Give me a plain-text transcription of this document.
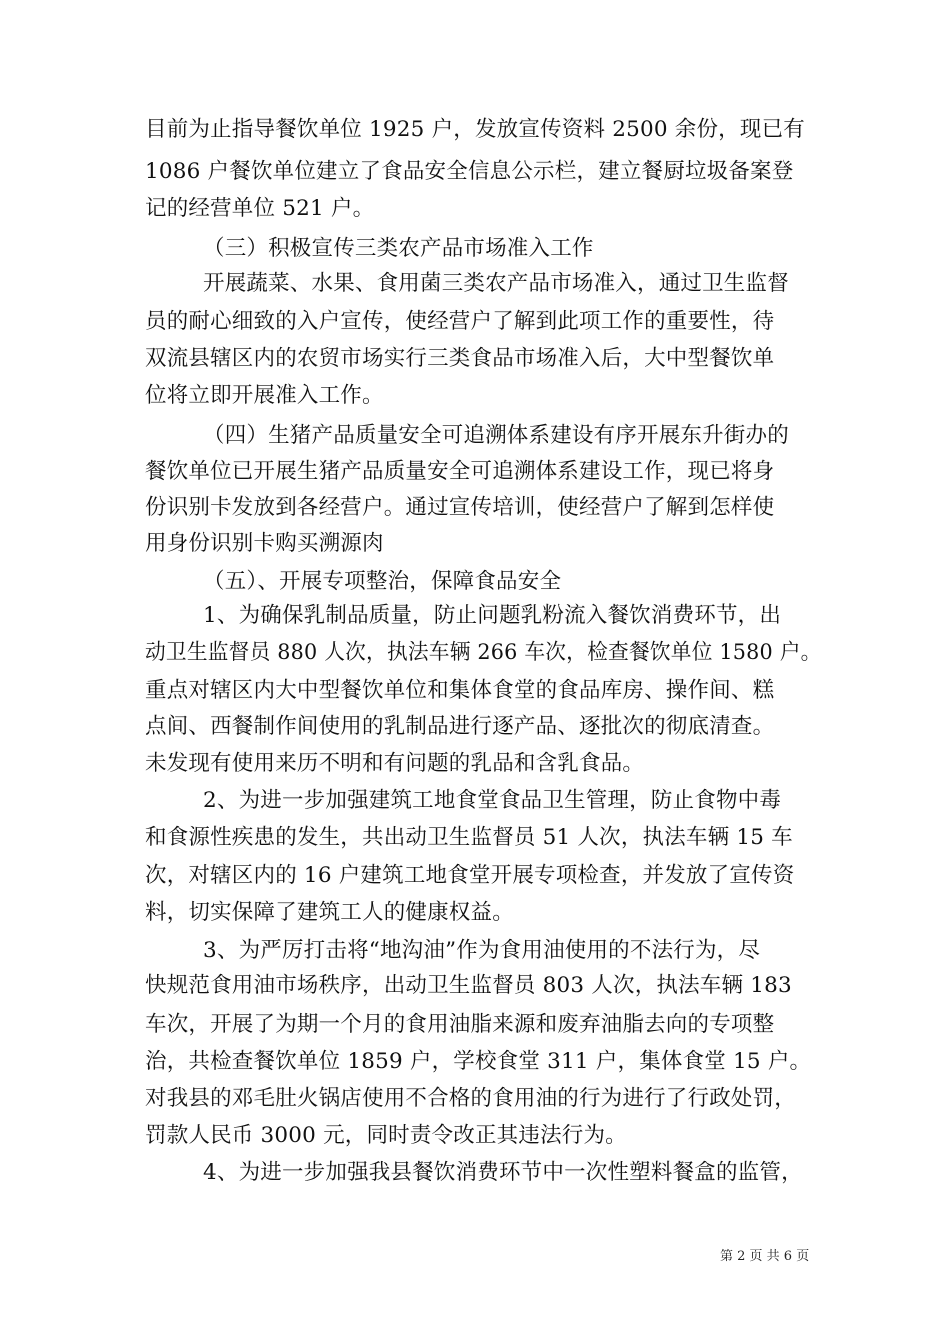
目前为止指导餐饮单位 1925 户，发放宣传资料 2500 余份，现已有
1086 户餐饮单位建立了食品安全信息公示栏，建立餐厨垃圾备案登
记的经营单位 521 户。
（三）积极宣传三类农产品市场准入工作
开展蔬菜、水果、食用菌三类农产品市场准入，通过卫生监督
员的耐心细致的入户宣传，使经营户了解到此项工作的重要性，待
双流县辖区内的农贸市场实行三类食品市场准入后，大中型餐饮单
位将立即开展准入工作。
（四）生猪产品质量安全可追溯体系建设有序开展东升街办的
餐饮单位已开展生猪产品质量安全可追溯体系建设工作，现已将身
份识别卡发放到各经营户。通过宣传培训，使经营户了解到怎样使
用身份识别卡购买溯源肉
（五）、开展专项整治，保障食品安全
1、为确保乳制品质量，防止问题乳粉流入餐饮消费环节，出
动卫生监督员 880 人次，执法车辆 266 车次，检查餐饮单位 1580 户。
重点对辖区内大中型餐饮单位和集体食堂的食品库房、操作间、糕
点间、西餐制作间使用的乳制品进行逐产品、逐批次的彻底清查。
未发现有使用来历不明和有问题的乳品和含乳食品。
2、为进一步加强建筑工地食堂食品卫生管理，防止食物中毒
和食源性疾患的发生，共出动卫生监督员 51 人次，执法车辆 15 车
次，对辖区内的 16 户建筑工地食堂开展专项检查，并发放了宣传资
料，切实保障了建筑工人的健康权益。
3、为严厉打击将“地沟油”作为食用油使用的不法行为，尽
快规范食用油市场秩序，出动卫生监督员 803 人次，执法车辆 183
车次，开展了为期一个月的食用油脂来源和废弃油脂去向的专项整
治，共检查餐饮单位 1859 户，学校食堂 311 户，集体食堂 15 户。
对我县的邓毛肚火锅店使用不合格的食用油的行为进行了行政处罚，
罚款人民币 3000 元，同时责令改正其违法行为。
4、为进一步加强我县餐饮消费环节中一次性塑料餐盒的监管，
第 2 页 共 6 页
